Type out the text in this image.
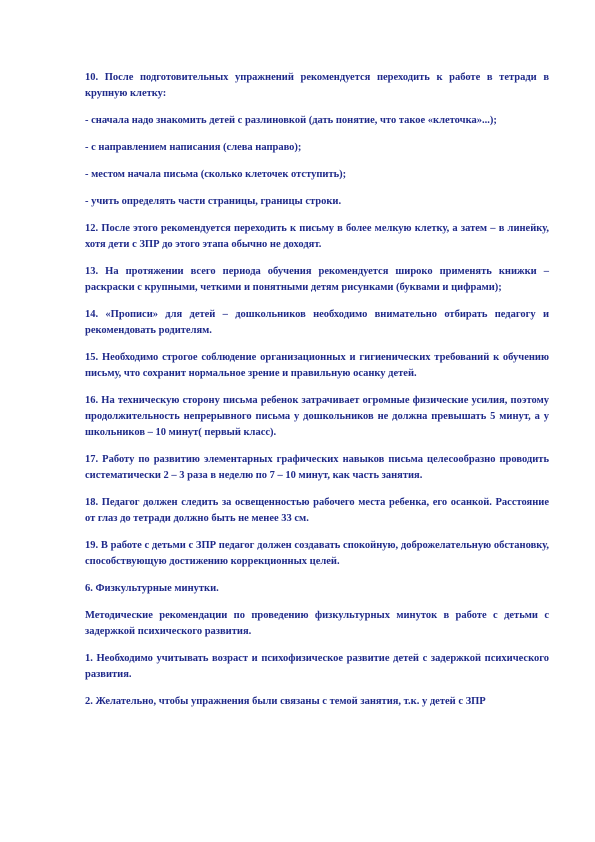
10. После подготовительных упражнений рекомендуется переходить к работе в тетради в крупную клетку:

- сначала надо знакомить детей с разлиновкой (дать понятие, что такое «клеточка»...);

- с направлением написания (слева направо);

- местом начала письма (сколько клеточек отступить);

- учить определять части страницы, границы строки.

12. После этого рекомендуется переходить к письму в более мелкую клетку, а затем – в линейку, хотя дети с ЗПР до этого этапа обычно не доходят.

13. На протяжении всего периода обучения рекомендуется широко применять книжки – раскраски с крупными, четкими и понятными детям рисунками (буквами и цифрами);

14. «Прописи» для детей – дошкольников необходимо внимательно отбирать педагогу и рекомендовать родителям.

15. Необходимо строгое соблюдение организационных и гигиенических требований к обучению письму, что сохранит нормальное зрение и правильную осанку детей.

16. На техническую сторону письма ребенок затрачивает огромные физические усилия, поэтому продолжительность непрерывного письма у дошкольников не должна превышать 5 минут, а у школьников – 10 минут( первый класс).

17. Работу по развитию элементарных графических навыков письма целесообразно проводить систематически 2 – 3 раза в неделю по 7 – 10 минут, как часть занятия.

18. Педагог должен следить за освещенностью рабочего места ребенка, его осанкой. Расстояние от глаз до тетради должно быть не менее 33 см.

19. В работе с детьми с ЗПР педагог должен создавать спокойную, доброжелательную обстановку, способствующую достижению коррекционных целей.

6. Физкультурные минутки.

Методические рекомендации по проведению физкультурных минуток в работе с детьми с задержкой психического развития.

1. Необходимо учитывать возраст и психофизическое развитие детей с задержкой психического развития.

2. Желательно, чтобы упражнения были связаны с темой занятия, т.к. у детей с ЗПР
